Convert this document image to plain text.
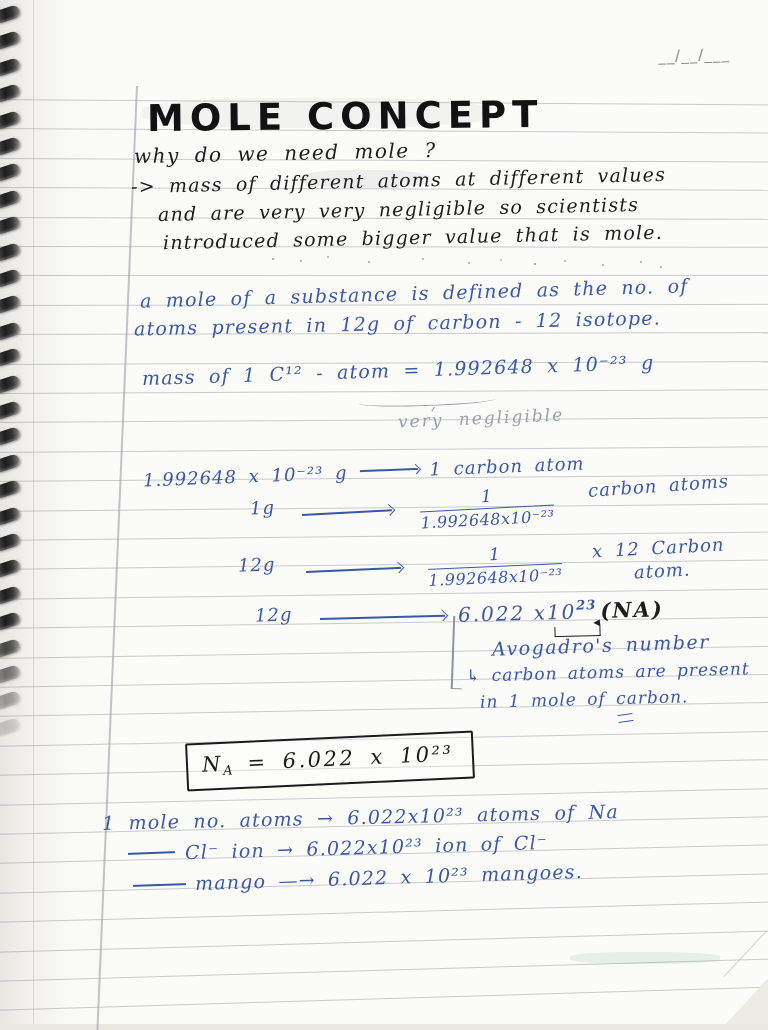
__/__/___
MOLE CONCEPT
why do we need mole ?
-> mass of different atoms at different values
and are very very negligible so scientists
introduced some bigger value that is mole.
a mole of a substance is defined as the no. of
atoms present in 12g of carbon - 12 isotope.
mass of 1 C¹² - atom = 1.992648 x 10⁻²³ g
very negligible
1.992648 x 10⁻²³ g	1 carbon atom
1g
1
1.992648x10⁻²³
carbon atoms
12g	$\frac{1}{\text{1.992648x10⁻²³}}$ x 12 Carbon
atom.
12g	6.022 $x10^{23}$ (NA)
Avogadro's number
↳ carbon atoms are present
in 1 mole of carbon.
$N_A = 6.022$ x 10²³
1 mole no. atoms → 6.022x10²³ atoms of Na
Cl⁻ ion → 6.022x10²³ ion of Cl⁻
mango —→ 6.022 x 10²³ mangoes.
